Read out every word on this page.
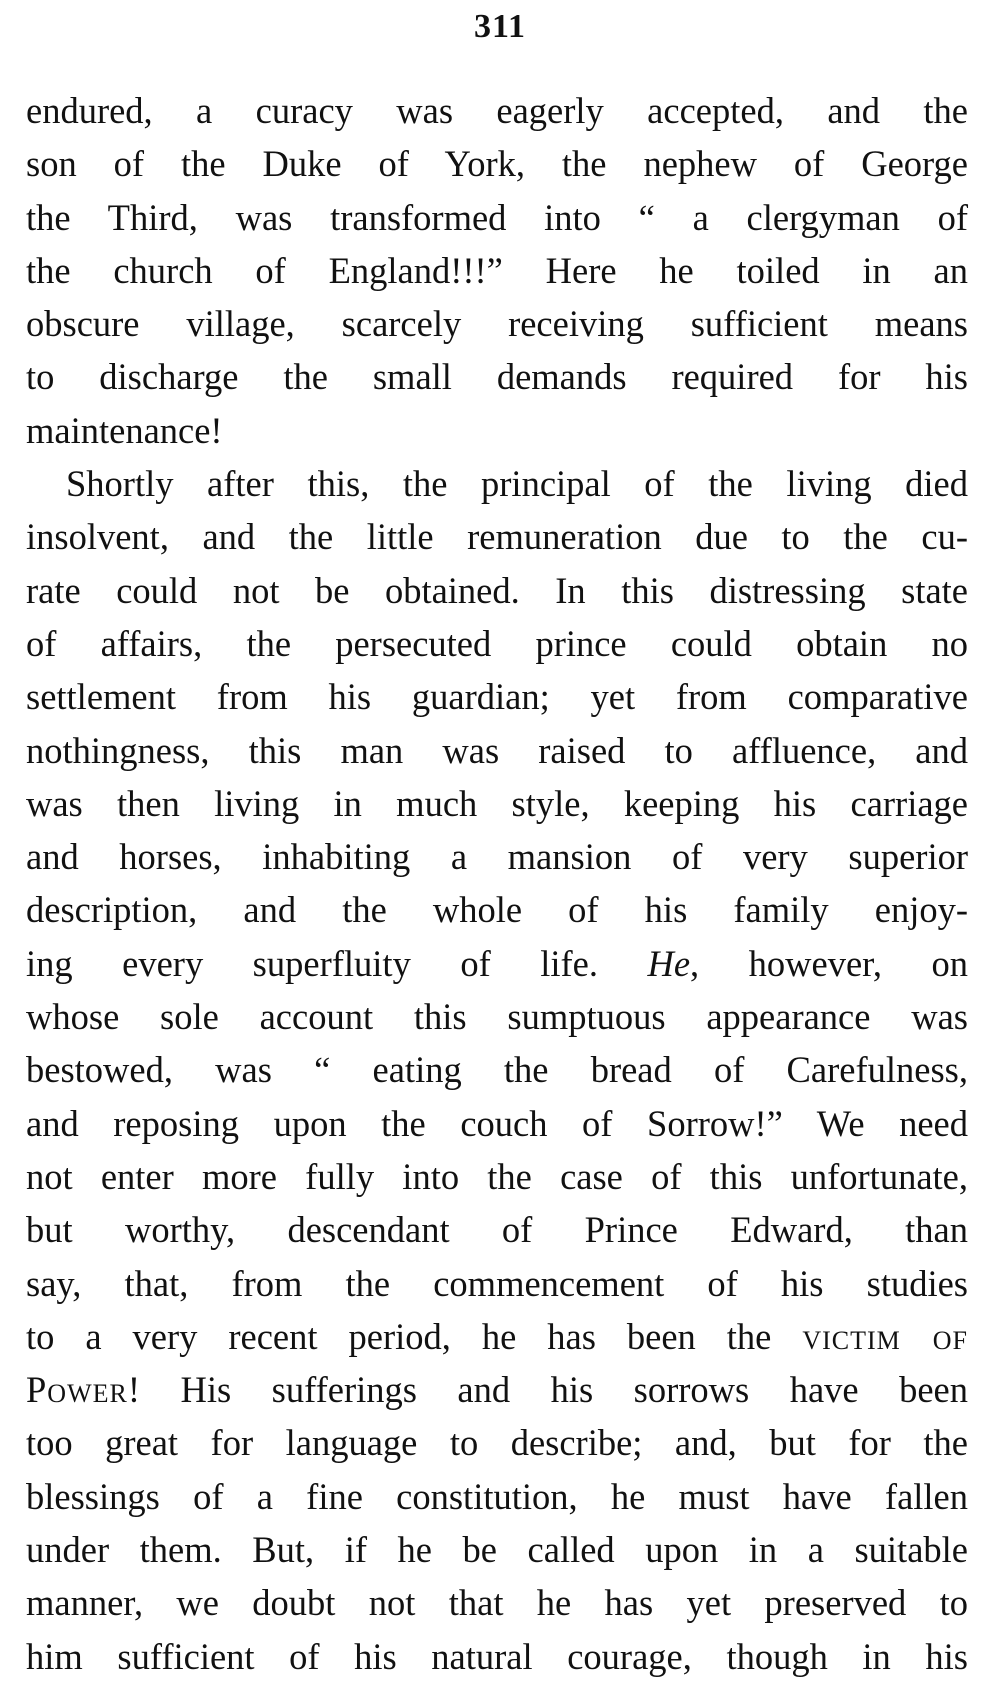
311
endured, a curacy was eagerly accepted, and the
son of the Duke of York, the nephew of George
the Third, was transformed into “ a clergyman of
the church of England!!!” Here he toiled in an
obscure village, scarcely receiving sufficient means
to discharge the small demands required for his
maintenance!
Shortly after this, the principal of the living died
insolvent, and the little remuneration due to the cu-
rate could not be obtained. In this distressing state
of affairs, the persecuted prince could obtain no
settlement from his guardian; yet from comparative
nothingness, this man was raised to affluence, and
was then living in much style, keeping his carriage
and horses, inhabiting a mansion of very superior
description, and the whole of his family enjoy-
ing every superfluity of life. He, however, on
whose sole account this sumptuous appearance was
bestowed, was “ eating the bread of Carefulness,
and reposing upon the couch of Sorrow!” We need
not enter more fully into the case of this unfortunate,
but worthy, descendant of Prince Edward, than
say, that, from the commencement of his studies
to a very recent period, he has been the victim of
Power! His sufferings and his sorrows have been
too great for language to describe; and, but for the
blessings of a fine constitution, he must have fallen
under them. But, if he be called upon in a suitable
manner, we doubt not that he has yet preserved to
him sufficient of his natural courage, though in his
